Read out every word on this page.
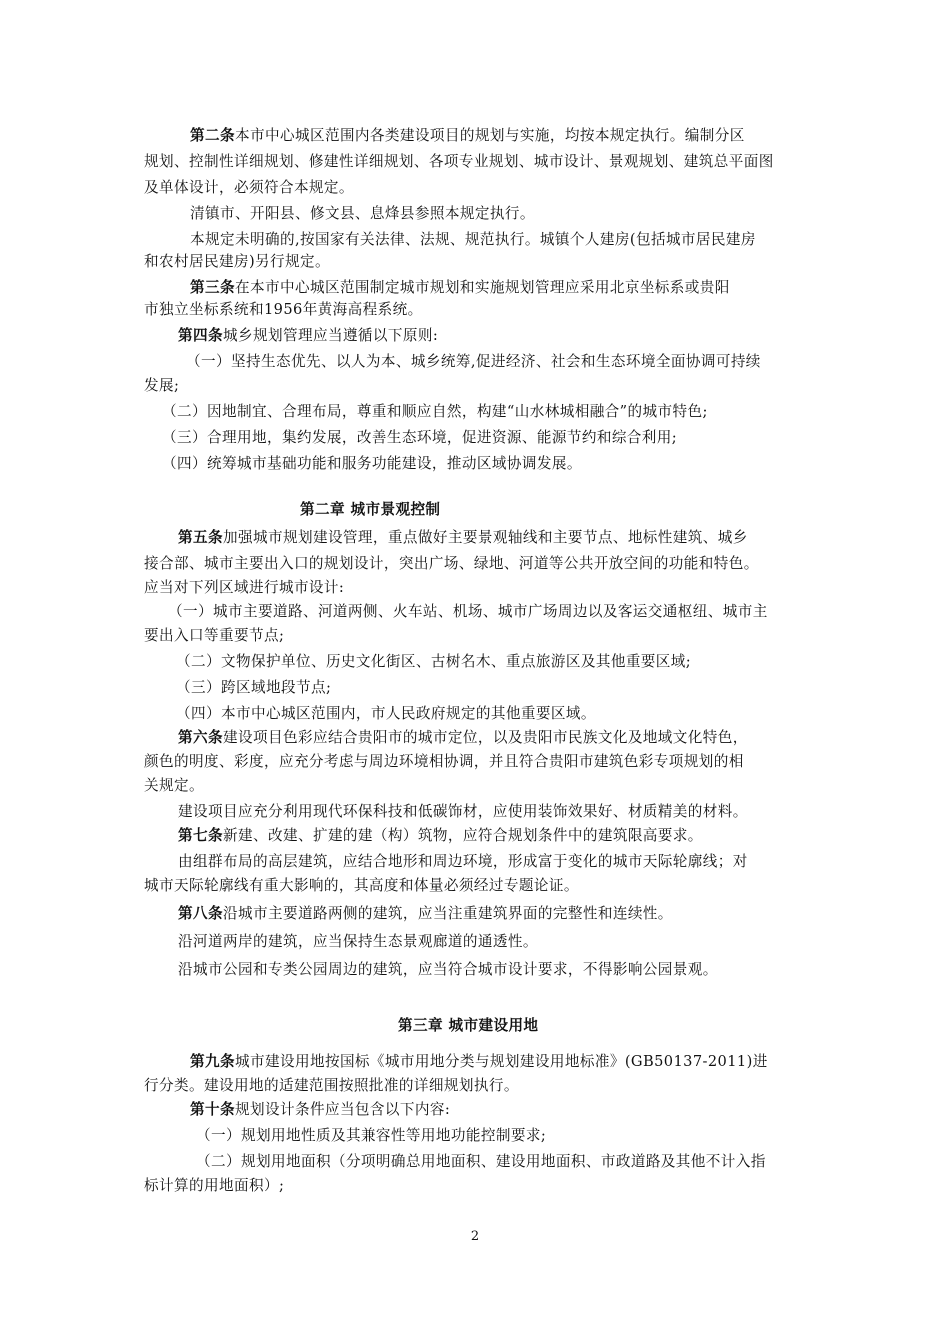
第二条本市中心城区范围内各类建设项目的规划与实施，均按本规定执行。编制分区
规划、控制性详细规划、修建性详细规划、各项专业规划、城市设计、景观规划、建筑总平面图
及单体设计，必须符合本规定。
清镇市、开阳县、修文县、息烽县参照本规定执行。
本规定未明确的,按国家有关法律、法规、规范执行。城镇个人建房(包括城市居民建房
和农村居民建房)另行规定。
第三条在本市中心城区范围制定城市规划和实施规划管理应采用北京坐标系或贵阳
市独立坐标系统和1956年黄海高程系统。
第四条城乡规划管理应当遵循以下原则:
（一）坚持生态优先、以人为本、城乡统筹,促进经济、社会和生态环境全面协调可持续
发展;
（二）因地制宜、合理布局，尊重和顺应自然，构建“山水林城相融合”的城市特色;
（三）合理用地，集约发展，改善生态环境，促进资源、能源节约和综合利用;
（四）统筹城市基础功能和服务功能建设，推动区域协调发展。
第二章 城市景观控制
第五条加强城市规划建设管理，重点做好主要景观轴线和主要节点、地标性建筑、城乡
接合部、城市主要出入口的规划设计，突出广场、绿地、河道等公共开放空间的功能和特色。
应当对下列区域进行城市设计:
（一）城市主要道路、河道两侧、火车站、机场、城市广场周边以及客运交通枢纽、城市主
要出入口等重要节点;
（二）文物保护单位、历史文化街区、古树名木、重点旅游区及其他重要区域;
（三）跨区域地段节点;
（四）本市中心城区范围内，市人民政府规定的其他重要区域。
第六条建设项目色彩应结合贵阳市的城市定位，以及贵阳市民族文化及地域文化特色，
颜色的明度、彩度，应充分考虑与周边环境相协调，并且符合贵阳市建筑色彩专项规划的相
关规定。
建设项目应充分利用现代环保科技和低碳饰材，应使用装饰效果好、材质精美的材料。
第七条新建、改建、扩建的建（构）筑物，应符合规划条件中的建筑限高要求。
由组群布局的高层建筑，应结合地形和周边环境，形成富于变化的城市天际轮廓线；对
城市天际轮廓线有重大影响的，其高度和体量必须经过专题论证。
第八条沿城市主要道路两侧的建筑，应当注重建筑界面的完整性和连续性。
沿河道两岸的建筑，应当保持生态景观廊道的通透性。
沿城市公园和专类公园周边的建筑，应当符合城市设计要求，不得影响公园景观。
第三章 城市建设用地
第九条城市建设用地按国标《城市用地分类与规划建设用地标准》(GB50137-2011)进
行分类。建设用地的适建范围按照批准的详细规划执行。
第十条规划设计条件应当包含以下内容:
（一）规划用地性质及其兼容性等用地功能控制要求;
（二）规划用地面积（分项明确总用地面积、建设用地面积、市政道路及其他不计入指
标计算的用地面积）;
2
